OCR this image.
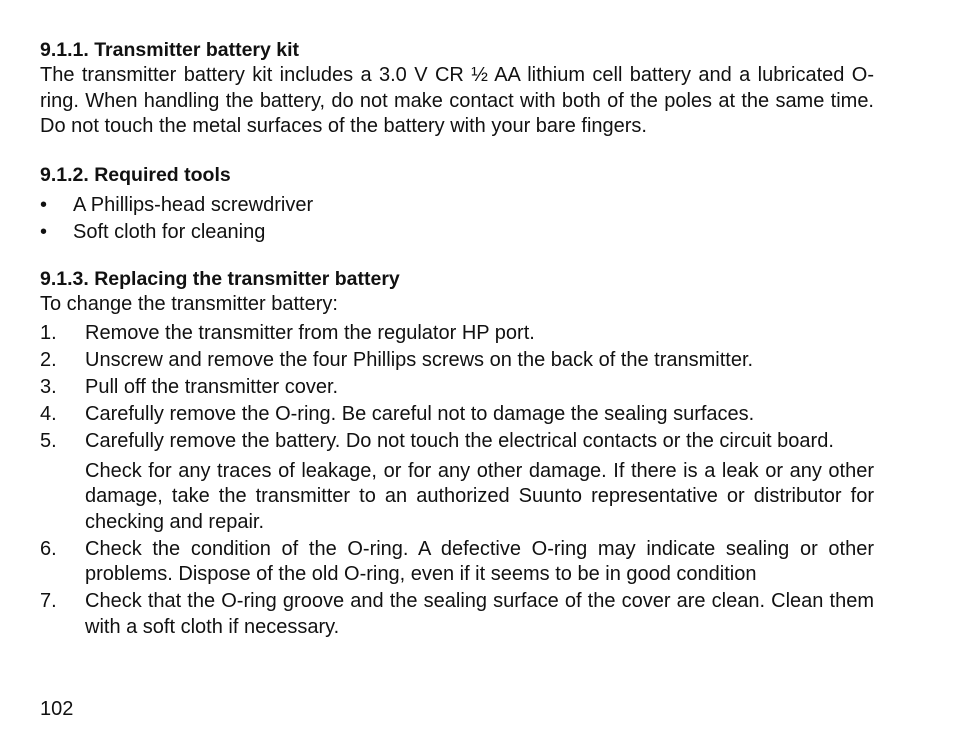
9.1.1. Transmitter battery kit

The transmitter battery kit includes a 3.0 V CR ½ AA lithium cell battery and a lubricated O-ring. When handling the battery, do not make contact with both of the poles at the same time. Do not touch the metal surfaces of the battery with your bare fingers.

9.1.2. Required tools
•	A Phillips-head screwdriver
•	Soft cloth for cleaning
9.1.3. Replacing the transmitter battery

To change the transmitter battery:

1.	Remove the transmitter from the regulator HP port.
2.	Unscrew and remove the four Phillips screws on the back of the transmitter.
3.	Pull off the transmitter cover.
4.	Carefully remove the O-ring. Be careful not to damage the sealing surfaces.
5.	Carefully remove the battery. Do not touch the electrical contacts or the circuit board.
Check for any traces of leakage, or for any other damage. If there is a leak or any other damage, take the transmitter to an authorized Suunto representative or distributor for checking and repair.
6.	Check the condition of the O-ring. A defective O-ring may indicate sealing or other problems. Dispose of the old O-ring, even if it seems to be in good condition
7.	Check that the O-ring groove and the sealing surface of the cover are clean. Clean them with a soft cloth if necessary.
102
